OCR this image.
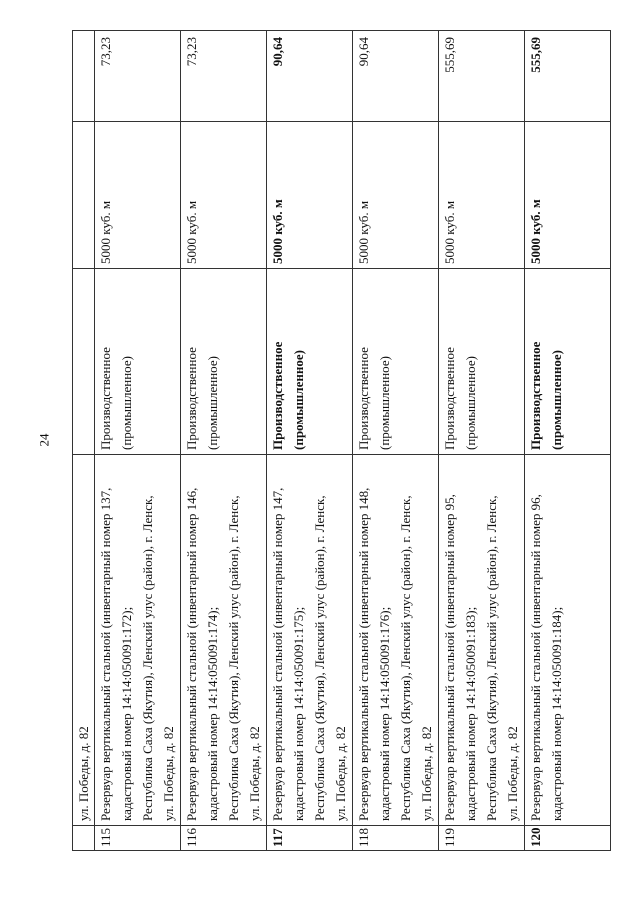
24
	ул. Победы, д. 82			
115	Резервуар вертикальный стальной (инвентарный номер 137, кадастровый номер 14:14:050091:172); Республика Саха (Якутия), Ленский улус (район), г. Ленск, ул. Победы, д. 82	Производственное (промышленное)	5000 куб. м	73,23
116	Резервуар вертикальный стальной (инвентарный номер 146, кадастровый номер 14:14:050091:174); Республика Саха (Якутия), Ленский улус (район), г. Ленск, ул. Победы, д. 82	Производственное (промышленное)	5000 куб. м	73,23
117	Резервуар вертикальный стальной (инвентарный номер 147, кадастровый номер 14:14:050091:175); Республика Саха (Якутия), Ленский улус (район), г. Ленск, ул. Победы, д. 82	Производственное (промышленное)	5000 куб. м	90,64
118	Резервуар вертикальный стальной (инвентарный номер 148, кадастровый номер 14:14:050091:176); Республика Саха (Якутия), Ленский улус (район), г. Ленск, ул. Победы, д. 82	Производственное (промышленное)	5000 куб. м	90,64
119	Резервуар вертикальный стальной (инвентарный номер 95, кадастровый номер 14:14:050091:183); Республика Саха (Якутия), Ленский улус (район), г. Ленск, ул. Победы, д. 82	Производственное (промышленное)	5000 куб. м	555,69
120	Резервуар вертикальный стальной (инвентарный номер 96, кадастровый номер 14:14:050091:184);	Производственное (промышленное)	5000 куб. м	555,69
